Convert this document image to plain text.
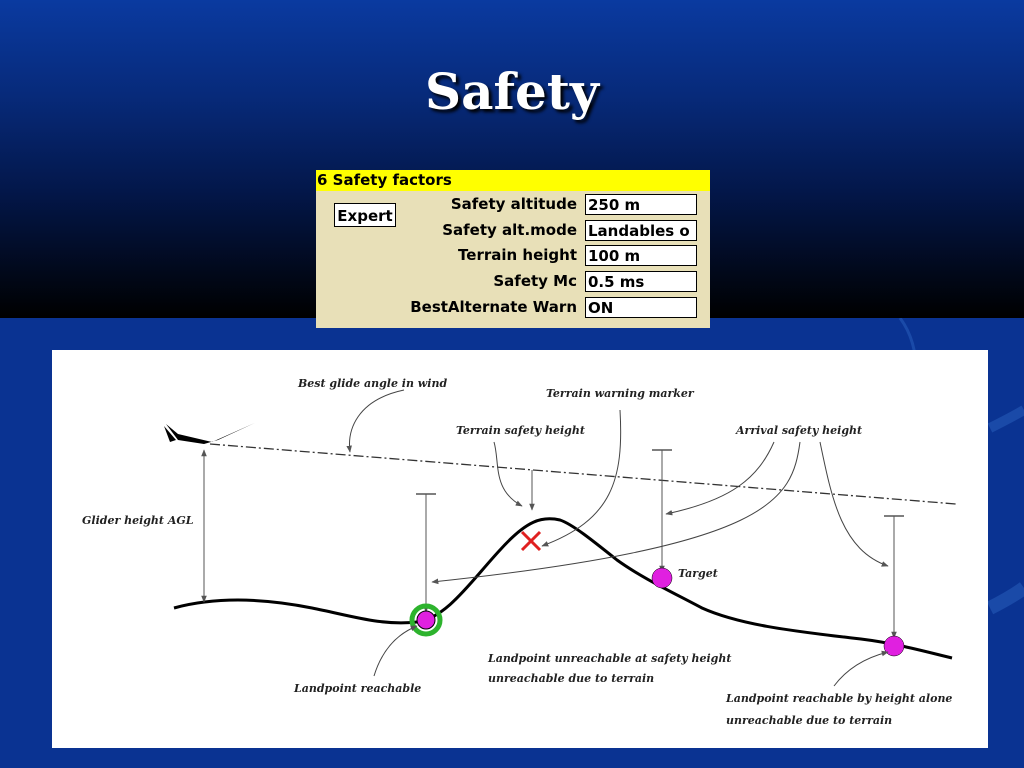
Safety
6 Safety factors
Expert
Safety altitude 250 m
Safety alt.mode Landables o
Terrain height 100 m
Safety Mc 0.5 ms
BestAlternate Warn ON
Best glide angle in wind
Terrain warning marker
Terrain safety height	Arrival safety height
Glider height AGL
Target
Landpoint reachable
Landpoint unreachable at safety height
unreachable due to terrain
Landpoint reachable by height alone
unreachable due to terrain
